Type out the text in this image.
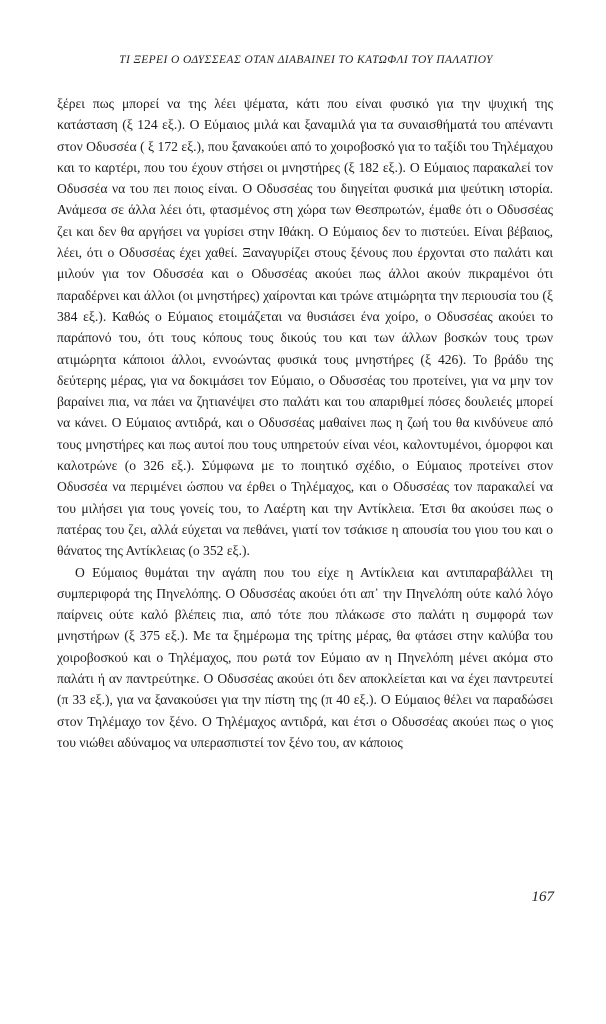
ΤΙ ΞΕΡΕΙ Ο ΟΔΥΣΣΕΑΣ ΟΤΑΝ ΔΙΑΒΑΙΝΕΙ ΤΟ ΚΑΤΩΦΛΙ ΤΟΥ ΠΑΛΑΤΙΟΥ

ξέρει πως μπορεί να της λέει ψέματα, κάτι που είναι φυσικό για την ψυχική της κατάσταση (ξ 124 εξ.). Ο Εύμαιος μιλά και ξαναμιλά για τα συναισθήματά του απέναντι στον Οδυσσέα ( ξ 172 εξ.), που ξανακούει από το χοιροβοσκό για το ταξίδι του Τηλέμαχου και το καρτέρι, που του έχουν στήσει οι μνηστήρες (ξ 182 εξ.). Ο Εύμαιος παρακαλεί τον Οδυσσέα να του πει ποιος είναι. Ο Οδυσσέας του διηγείται φυσικά μια ψεύτικη ιστορία. Ανάμεσα σε άλλα λέει ότι, φτασμένος στη χώρα των Θεσπρωτών, έμαθε ότι ο Οδυσσέας ζει και δεν θα αργήσει να γυρίσει στην Ιθάκη. Ο Εύμαιος δεν το πιστεύει. Είναι βέβαιος, λέει, ότι ο Οδυσσέας έχει χαθεί. Ξαναγυρίζει στους ξένους που έρχονται στο παλάτι και μιλούν για τον Οδυσσέα και ο Οδυσσέας ακούει πως άλλοι ακούν πικραμένοι ότι παραδέρνει και άλλοι (οι μνηστήρες) χαίρονται και τρώνε ατιμώρητα την περιουσία του (ξ 384 εξ.). Καθώς ο Εύμαιος ετοιμάζεται να θυσιάσει ένα χοίρο, ο Οδυσσέας ακούει το παράπονό του, ότι τους κόπους τους δικούς του και των άλλων βοσκών τους τρων ατιμώρητα κάποιοι άλλοι, εννοώντας φυσικά τους μνηστήρες (ξ 426). Το βράδυ της δεύτερης μέρας, για να δοκιμάσει τον Εύμαιο, ο Οδυσσέας του προτείνει, για να μην τον βαραίνει πια, να πάει να ζητιανέψει στο παλάτι και του απαριθμεί πόσες δουλειές μπορεί να κάνει. Ο Εύμαιος αντιδρά, και ο Οδυσσέας μαθαίνει πως η ζωή του θα κινδύνευε από τους μνηστήρες και πως αυτοί που τους υπηρετούν είναι νέοι, καλοντυμένοι, όμορφοι και καλοτρώνε (ο 326 εξ.). Σύμφωνα με το ποιητικό σχέδιο, ο Εύμαιος προτείνει στον Οδυσσέα να περιμένει ώσπου να έρθει ο Τηλέμαχος, και ο Οδυσσέας τον παρακαλεί να του μιλήσει για τους γονείς του, το Λαέρτη και την Αντίκλεια. Έτσι θα ακούσει πως ο πατέρας του ζει, αλλά εύχεται να πεθάνει, γιατί τον τσάκισε η απουσία του γιου του και ο θάνατος της Αντίκλειας (ο 352 εξ.).

Ο Εύμαιος θυμάται την αγάπη που του είχε η Αντίκλεια και αντιπαραβάλλει τη συμπεριφορά της Πηνελόπης. Ο Οδυσσέας ακούει ότι απ᾽ την Πηνελόπη ούτε καλό λόγο παίρνεις ούτε καλό βλέπεις πια, από τότε που πλάκωσε στο παλάτι η συμφορά των μνηστήρων (ξ 375 εξ.). Με τα ξημέρωμα της τρίτης μέρας, θα φτάσει στην καλύβα του χοιροβοσκού και ο Τηλέμαχος, που ρωτά τον Εύμαιο αν η Πηνελόπη μένει ακόμα στο παλάτι ή αν παντρεύτηκε. Ο Οδυσσέας ακούει ότι δεν αποκλείεται και να έχει παντρευτεί (π 33 εξ.), για να ξανακούσει για την πίστη της (π 40 εξ.). Ο Εύμαιος θέλει να παραδώσει στον Τηλέμαχο τον ξένο. Ο Τηλέμαχος αντιδρά, και έτσι ο Οδυσσέας ακούει πως ο γιος του νιώθει αδύναμος να υπερασπιστεί τον ξένο του, αν κάποιος

167
